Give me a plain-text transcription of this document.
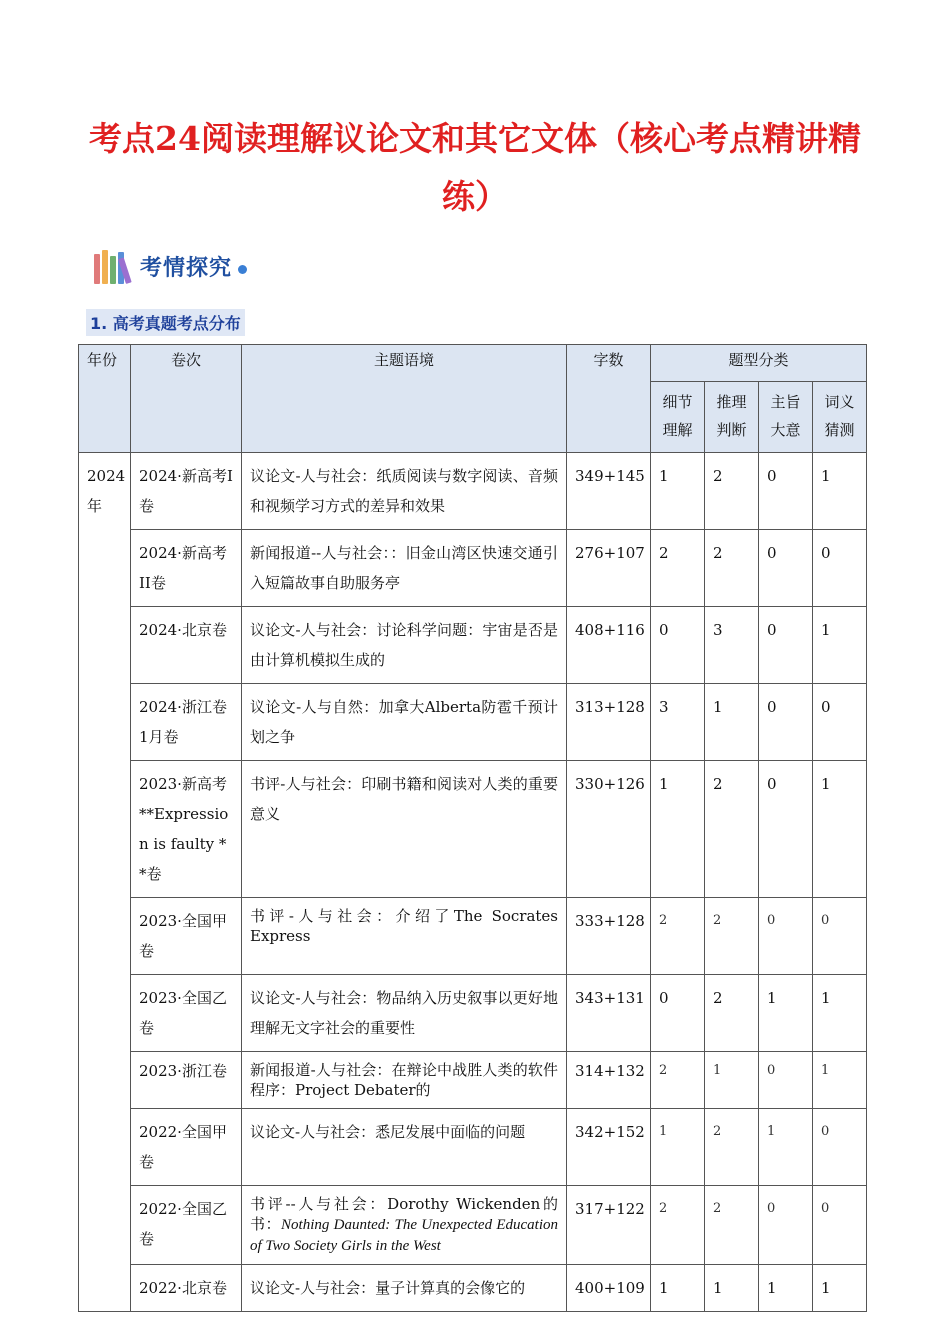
考点24阅读理解议论文和其它文体（核心考点精讲精练）
考情探究
1. 高考真题考点分布
年份	卷次	主题语境	字数	题型分类			
				细节理解	推理判断	主旨大意	词义猜测
2024年	2024·新高考I卷	议论文-人与社会：纸质阅读与数字阅读、音频和视频学习方式的差异和效果	349+145	1	2	0	1
	2024·新高考II卷	新闻报道--人与社会：：旧金山湾区快速交通引入短篇故事自助服务亭	276+107	2	2	0	0
	2024·北京卷	议论文-人与社会：讨论科学问题：宇宙是否是由计算机模拟生成的	408+116	0	3	0	1
	2024·浙江卷1月卷	议论文-人与自然：加拿大Alberta防雹千预计划之争	313+128	3	1	0	0
	2023·新高考**Expression is faulty **卷	书评-人与社会：印刷书籍和阅读对人类的重要意义	330+126	1	2	0	1
	2023·全国甲卷	书评-人与社会：介绍了The Socrates Express	333+128	2	2	0	0
	2023·全国乙卷	议论文-人与社会：物品纳入历史叙事以更好地理解无文字社会的重要性	343+131	0	2	1	1
	2023·浙江卷	新闻报道-人与社会：在辩论中战胜人类的软件程序：Project Debater的	314+132	2	1	0	1
	2022·全国甲卷	议论文-人与社会：悉尼发展中面临的问题	342+152	1	2	1	0
	2022·全国乙卷	书评--人与社会：Dorothy Wickenden的书：Nothing Daunted: The Unexpected Education of Two Society Girls in the West	317+122	2	2	0	0
	2022·北京卷	议论文-人与社会：量子计算真的会像它的	400+109	1	1	1	1
